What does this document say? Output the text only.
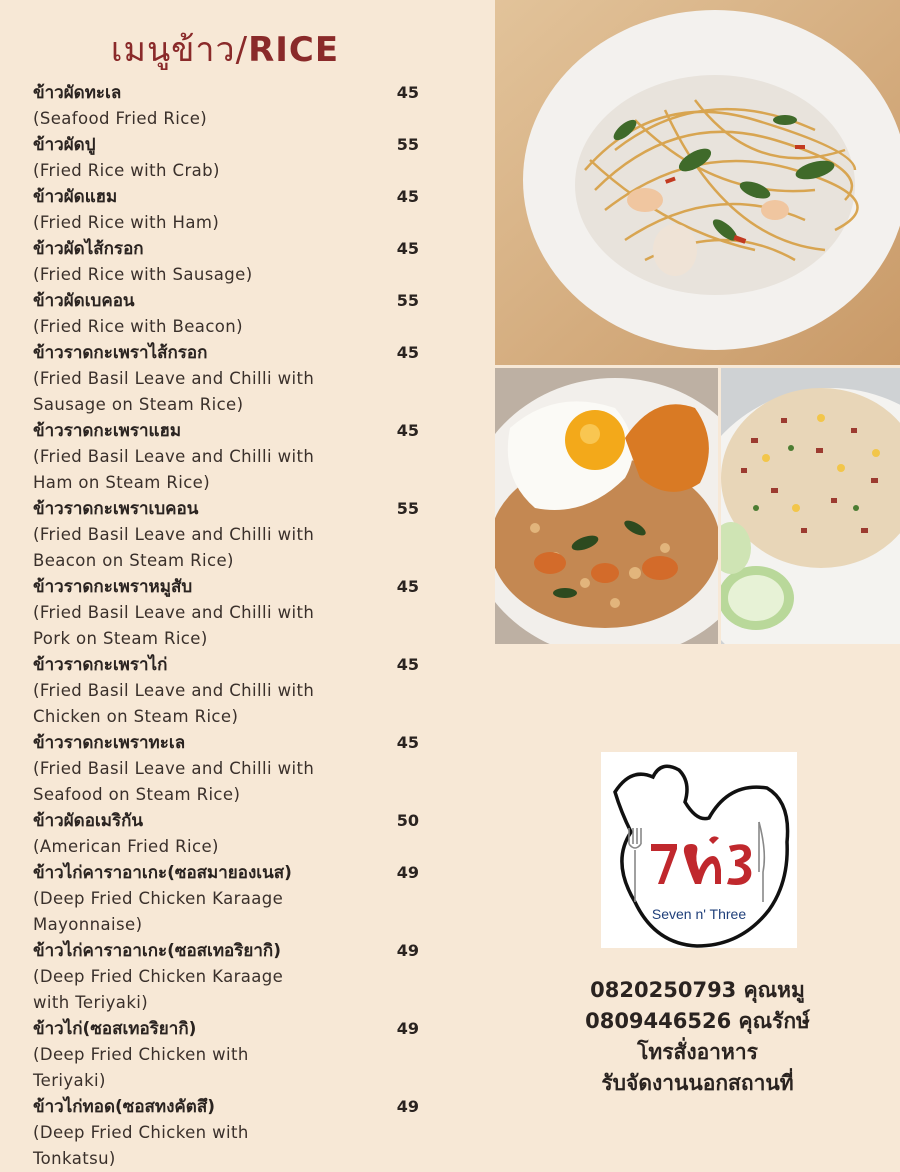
เมนูข้าว/RICE
ข้าวผัดทะเล	45
(Seafood Fried Rice)
ข้าวผัดปู	55
(Fried Rice with Crab)
ข้าวผัดแฮม	45
(Fried Rice with Ham)
ข้าวผัดไส้กรอก	45
(Fried Rice with Sausage)
ข้าวผัดเบคอน	55
(Fried Rice with Beacon)
ข้าวราดกะเพราไส้กรอก	45
(Fried Basil Leave and Chilli with
Sausage on Steam Rice)
ข้าวราดกะเพราแฮม	45
(Fried Basil Leave and Chilli with
Ham on Steam Rice)
ข้าวราดกะเพราเบคอน	55
(Fried Basil Leave and Chilli with
Beacon on Steam Rice)
ข้าวราดกะเพราหมูสับ	45
(Fried Basil Leave and Chilli with
Pork on Steam Rice)
ข้าวราดกะเพราไก่	45
(Fried Basil Leave and Chilli with
Chicken on Steam Rice)
ข้าวราดกะเพราทะเล	45
(Fried Basil Leave and Chilli with
Seafood on Steam Rice)
ข้าวผัดอเมริกัน	50
(American Fried Rice)
ข้าวไก่คาราอาเกะ(ซอสมายองเนส)	49
(Deep Fried Chicken Karaage
Mayonnaise)
ข้าวไก่คาราอาเกะ(ซอสเทอริยากิ)	49
(Deep Fried Chicken Karaage
with Teriyaki)
ข้าวไก่(ซอสเทอริยากิ)	49
(Deep Fried Chicken with
Teriyaki)
ข้าวไก่ทอด(ซอสทงคัตสึ)	49
(Deep Fried Chicken with
Tonkatsu)
Seven n' Three
0820250793 คุณหมู
0809446526 คุณรักษ์
โทรสั่งอาหาร
รับจัดงานนอกสถานที่
